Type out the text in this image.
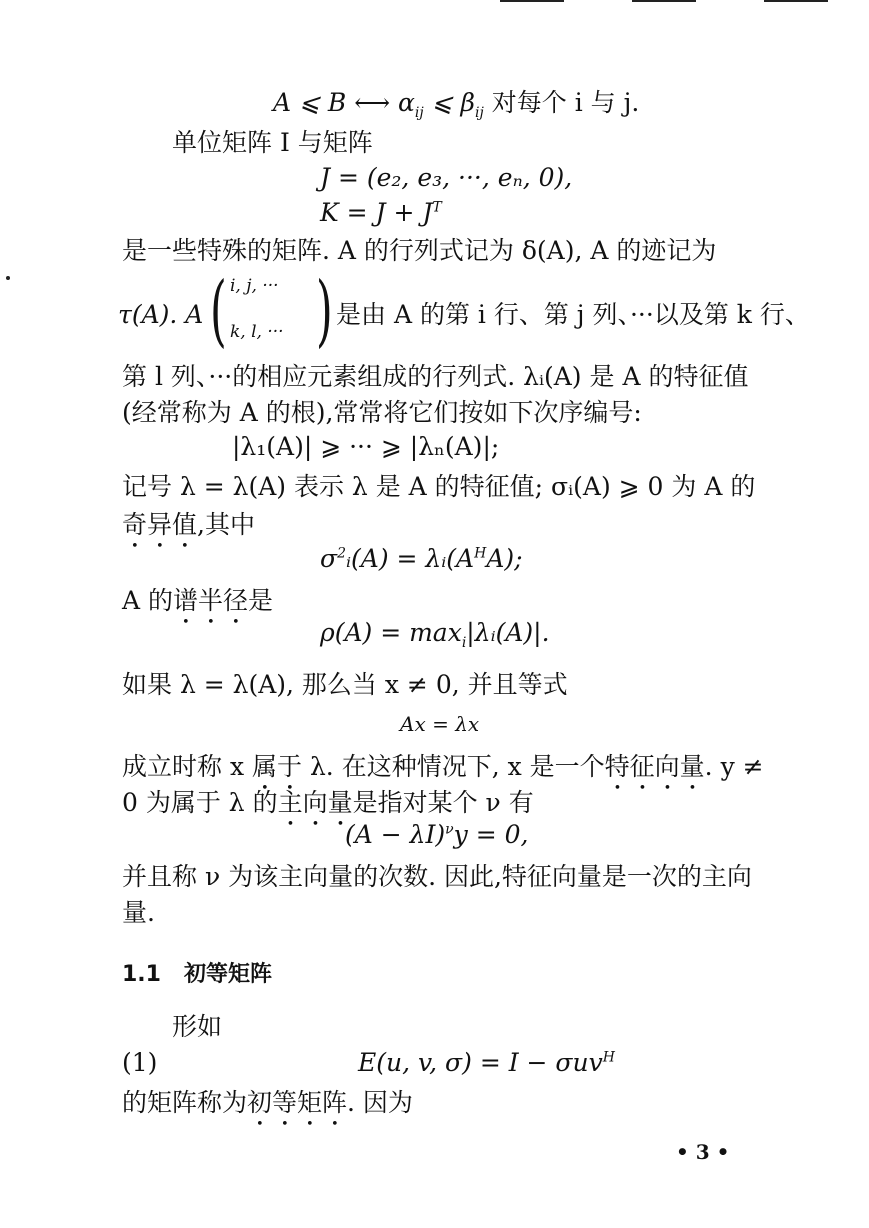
A ⩽ B ⟷ $\alpha_{ij}$ ⩽ $\beta_{ij}$ 对每个 i 与 j.
单位矩阵 I 与矩阵
J = (e₂, e₃, ···, eₙ, 0),
$K = J + J^T$
是一些特殊的矩阵. A 的行列式记为 δ(A), A 的迹记为
τ(A). A ( i, j, ···
k, l, ··· ) 是由 A 的第 i 行、第 j 列、···以及第 k 行、
第 l 列、···的相应元素组成的行列式. λᵢ(A) 是 A 的特征值
(经常称为 A 的根),常常将它们按如下次序编号:
|λ₁(A)| ⩾ ··· ⩾ |λₙ(A)|;
记号 λ = λ(A) 表示 λ 是 A 的特征值; σᵢ(A) ⩾ 0 为 A 的
奇异值,其中
$\sigma^2ᵢ(A)$ = $\lambda ᵢ(A^HA)$;
A 的谱半径是
$\rho(A) = \max_i|\lambda ᵢ(A)|$.
如果 λ = λ(A), 那么当 x ≠ 0, 并且等式
Ax = λx
成立时称 x 属于 λ. 在这种情况下, x 是一个特征向量. y ≠
0 为属于 λ 的主向量是指对某个 ν 有
$(A - \lambda I)^\nu y = 0$,
并且称 ν 为该主向量的次数. 因此,特征向量是一次的主向
量.
1.1 初等矩阵
形如
(1)	E(u, v, σ) = I − σuv$^H$
的矩阵称为初等矩阵. 因为
• 3 •
